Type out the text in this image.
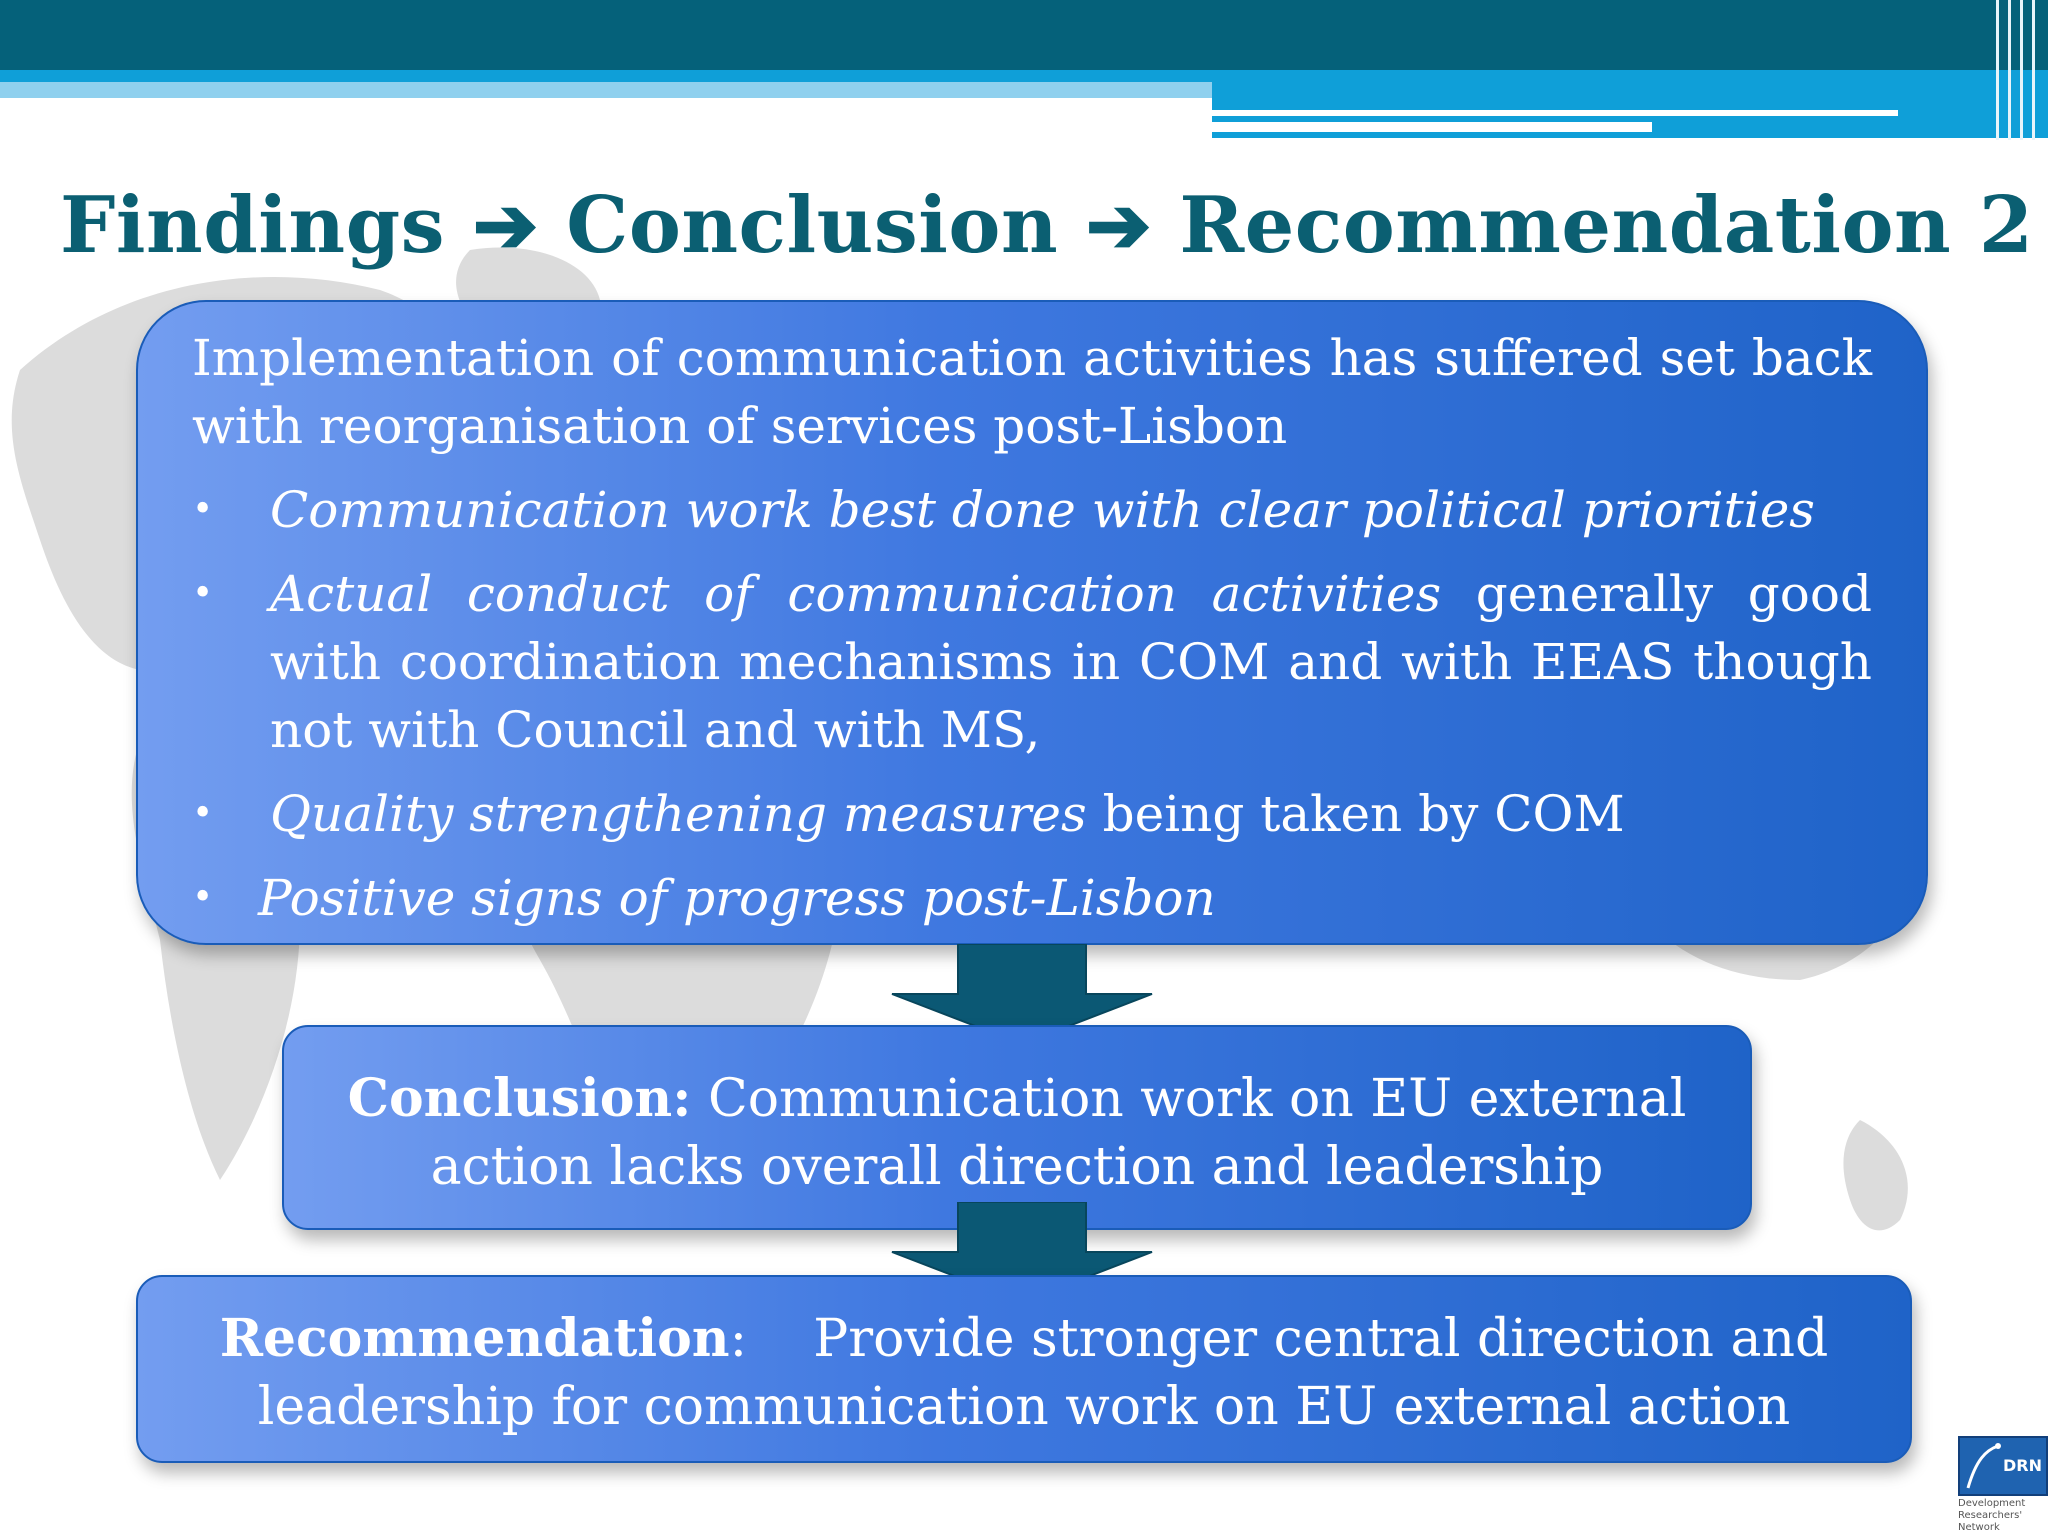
Findings ➔ Conclusion ➔ Recommendation 2

Implementation of communication activities has suffered set back with reorganisation of services post-Lisbon

• Communication work best done with clear political priorities
• Actual conduct of communication activities generally good with coordination mechanisms in COM and with EEAS though not with Council and with MS,
• Quality strengthening measures being taken by COM
• Positive signs of progress post-Lisbon

Conclusion: Communication work on EU external action lacks overall direction and leadership

Recommendation:    Provide stronger central direction and leadership for communication work on EU external action

DRN
Development
Researchers'
Network
